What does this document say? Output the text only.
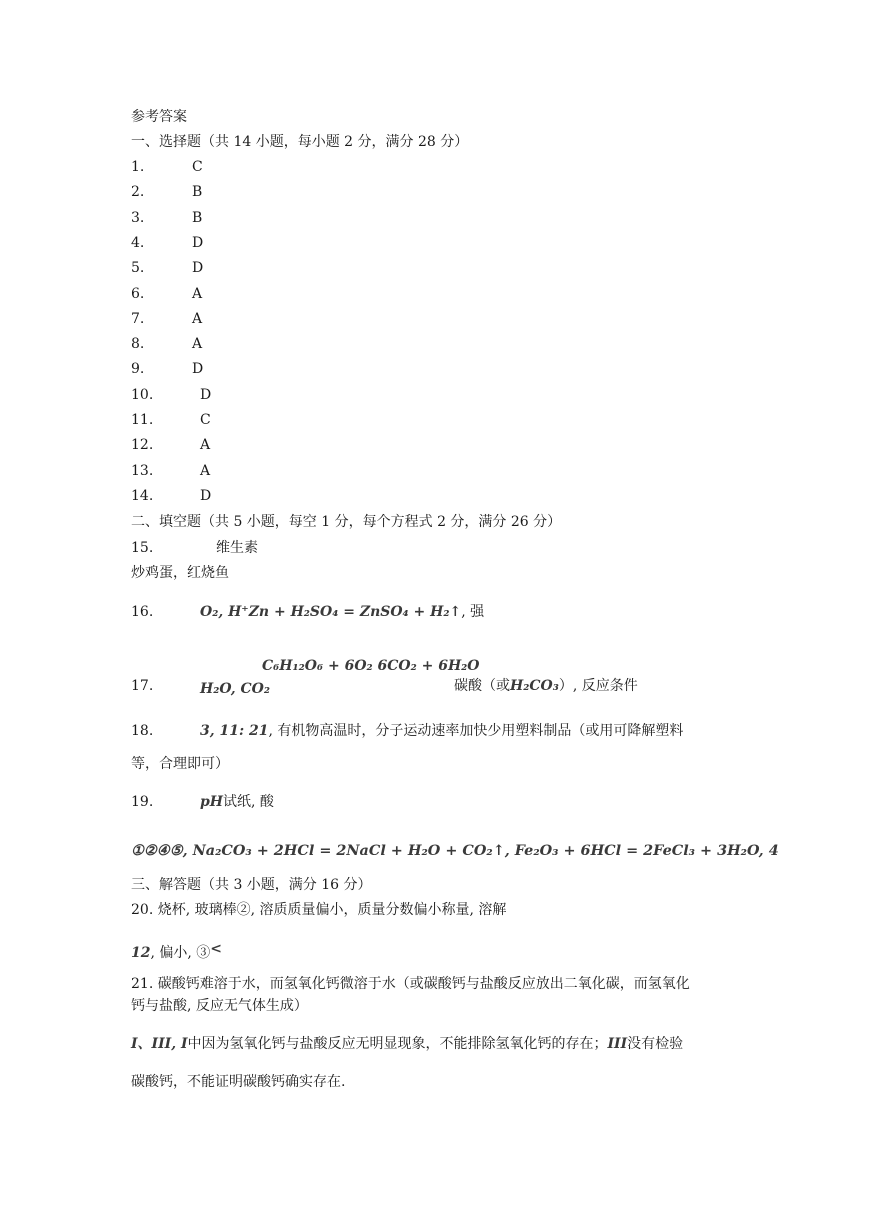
参考答案
一、选择题（共 14 小题，每小题 2 分，满分 28 分）
1.	C
2.	B
3.	B
4.	D
5.	D
6.	A
7.	A
8.	A
9.	D
10.	D
11.	C
12.	A
13.	A
14.	D
二、填空题（共 5 小题，每空 1 分，每个方程式 2 分，满分 26 分）
15.	维生素
炒鸡蛋，红烧鱼
16.	O₂, H⁺Zn + H₂SO₄ = ZnSO₄ + H₂↑, 强
C₆H₁₂O₆ + 6O₂ 6CO₂ + 6H₂O
17.	H₂O, CO₂	碳酸（或H₂CO₃）, 反应条件
18.	3, 11: 21, 有机物高温时，分子运动速率加快少用塑料制品（或用可降解塑料
等，合理即可）
19.	pH试纸, 酸
①②④⑤, Na₂CO₃ + 2HCl = 2NaCl + H₂O + CO₂↑, Fe₂O₃ + 6HCl = 2FeCl₃ + 3H₂O, 4
三、解答题（共 3 小题，满分 16 分）
20. 烧杯, 玻璃棒②, 溶质质量偏小，质量分数偏小称量, 溶解
12, 偏小, ③<
21. 碳酸钙难溶于水，而氢氧化钙微溶于水（或碳酸钙与盐酸反应放出二氧化碳，而氢氧化
钙与盐酸, 反应无气体生成）
I、III, I中因为氢氧化钙与盐酸反应无明显现象，不能排除氢氧化钙的存在；III没有检验
碳酸钙，不能证明碳酸钙确实存在.
